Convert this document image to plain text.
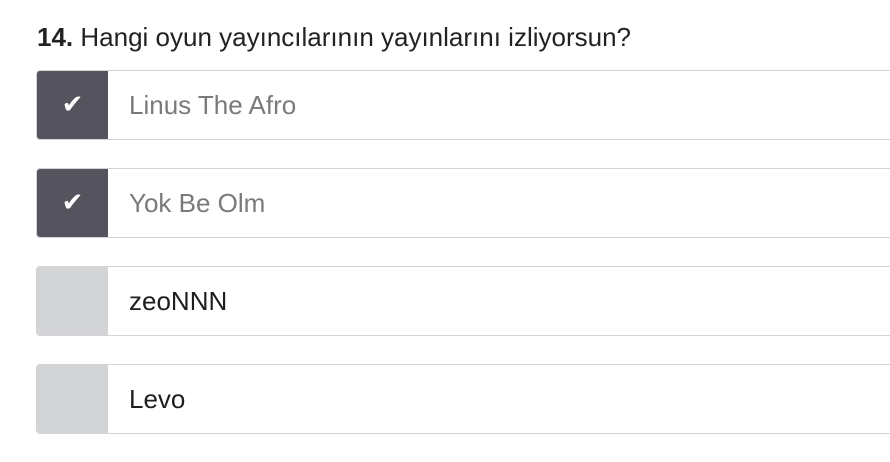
14. Hangi oyun yayıncılarının yayınlarını izliyorsun?
✔ Linus The Afro
✔ Yok Be Olm
zeoNNN
Levo
